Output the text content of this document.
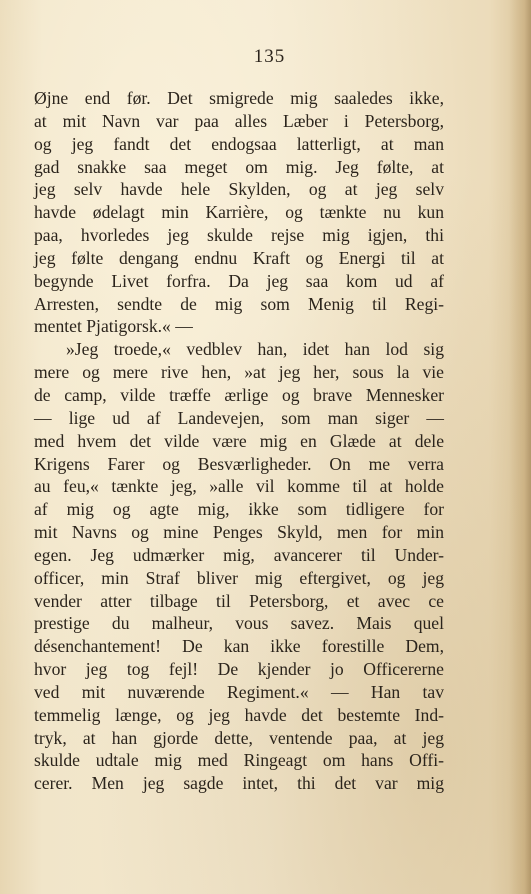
135
Øjne end før. Det smigrede mig saaledes ikke,
at mit Navn var paa alles Læber i Petersborg,
og jeg fandt det endogsaa latterligt, at man
gad snakke saa meget om mig. Jeg følte, at
jeg selv havde hele Skylden, og at jeg selv
havde ødelagt min Karrière, og tænkte nu kun
paa, hvorledes jeg skulde rejse mig igjen, thi
jeg følte dengang endnu Kraft og Energi til at
begynde Livet forfra. Da jeg saa kom ud af
Arresten, sendte de mig som Menig til Regi-
mentet Pjatigorsk.« —
»Jeg troede,« vedblev han, idet han lod sig
mere og mere rive hen, »at jeg her, sous la vie
de camp, vilde træffe ærlige og brave Mennesker
— lige ud af Landevejen, som man siger —
med hvem det vilde være mig en Glæde at dele
Krigens Farer og Besværligheder. On me verra
au feu,« tænkte jeg, »alle vil komme til at holde
af mig og agte mig, ikke som tidligere for
mit Navns og mine Penges Skyld, men for min
egen. Jeg udmærker mig, avancerer til Under-
officer, min Straf bliver mig eftergivet, og jeg
vender atter tilbage til Petersborg, et avec ce
prestige du malheur, vous savez. Mais quel
désenchantement! De kan ikke forestille Dem,
hvor jeg tog fejl! De kjender jo Officererne
ved mit nuværende Regiment.« — Han tav
temmelig længe, og jeg havde det bestemte Ind-
tryk, at han gjorde dette, ventende paa, at jeg
skulde udtale mig med Ringeagt om hans Offi-
cerer. Men jeg sagde intet, thi det var mig
